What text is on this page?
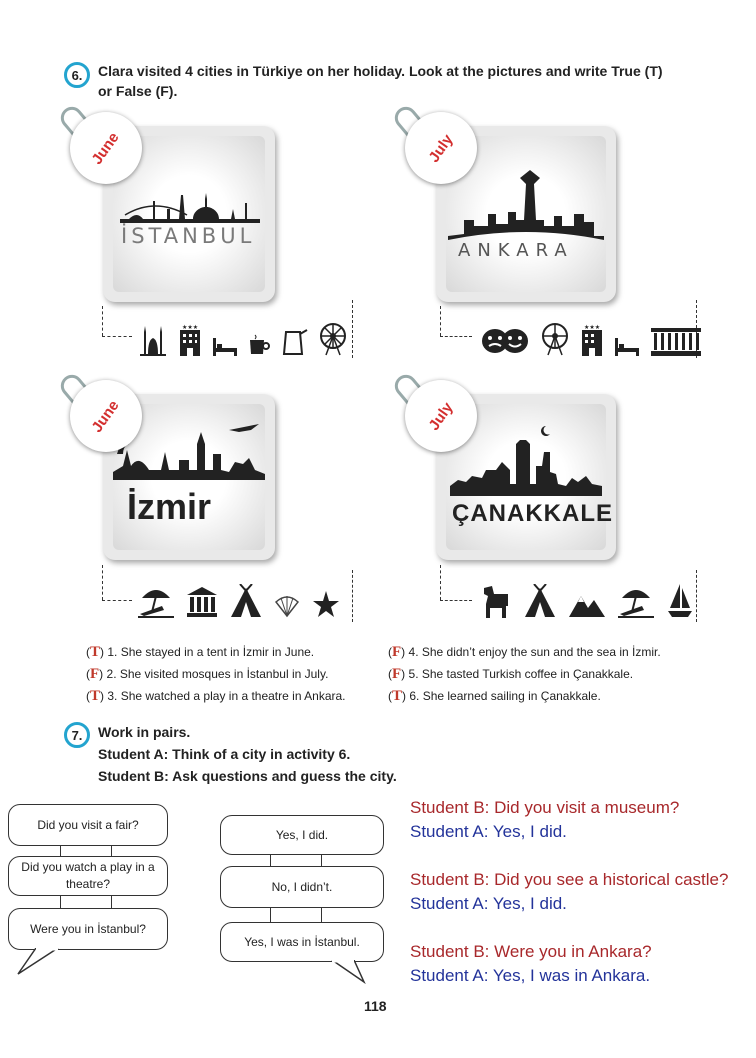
6. Clara visited 4 cities in Türkiye on her holiday. Look at the pictures and write True (T)
or False (F).
İSTANBUL
June
★★★
ANKARA
July
★★★
İzmir
June
ÇANAKKALE
July
(T) 1. She stayed in a tent in İzmir in June.
(F) 2. She visited mosques in İstanbul in July.
(T) 3. She watched a play in a theatre in Ankara.
(F) 4. She didn’t enjoy the sun and the sea in İzmir.
(F) 5. She tasted Turkish coffee in Çanakkale.
(T) 6. She learned sailing in Çanakkale.
7. Work in pairs.
Student A: Think of a city in activity 6.
Student B: Ask questions and guess the city.
Did you visit a fair?
Did you watch a play in a theatre?
Were you in İstanbul?
Yes, I did.
No, I didn’t.
Yes, I was in İstanbul.
Student B: Did you visit a museum?
Student A: Yes, I did.
Student B: Did you see a historical castle?
Student A: Yes, I did.
Student B: Were you in Ankara?
Student A: Yes, I was in Ankara.
118
